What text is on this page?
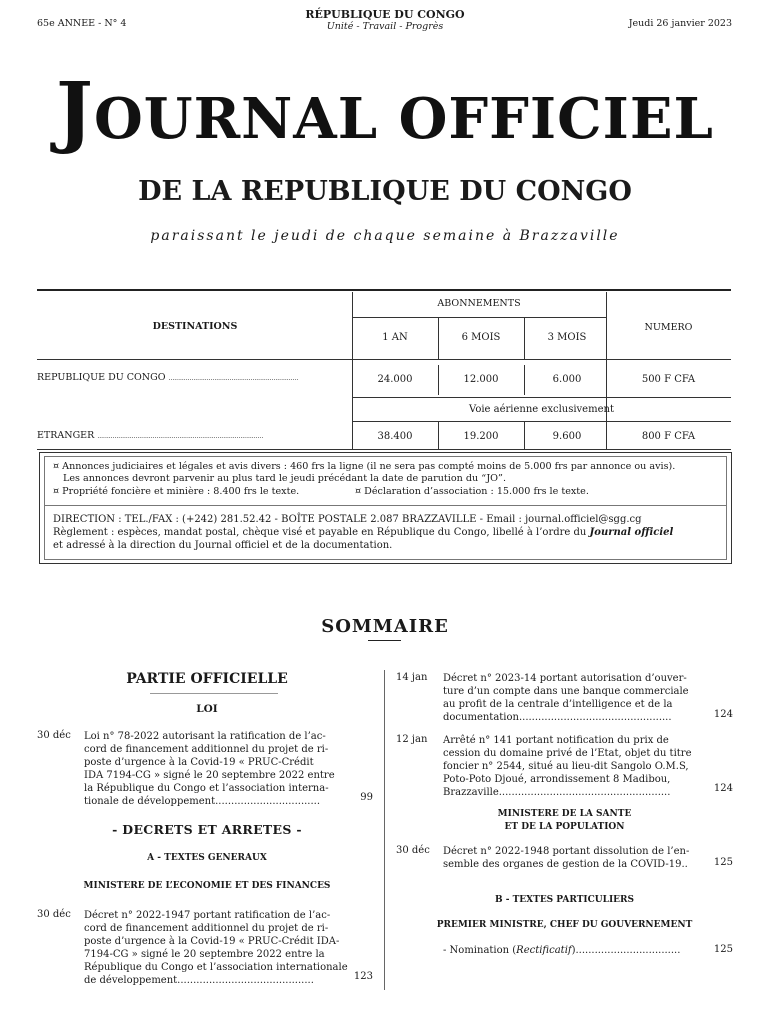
65e ANNEE - N° 4
RÉPUBLIQUE DU CONGO
Unité - Travail - Progrès	Jeudi 26 janvier 2023
JOURNAL OFFICIEL
DE LA REPUBLIQUE DU CONGO
paraissant le jeudi de chaque semaine à Brazzaville
DESTINATIONS
ABONNEMENTS
NUMERO
1 AN	6 MOIS	3 MOIS
REPUBLIQUE DU CONGO ....................................................................	24.000	12.000	6.000	500 F CFA
Voie aérienne exclusivement
ETRANGER .......................................................................................	38.400	19.200	9.600	800 F CFA
¤ Annonces judiciaires et légales et avis divers : 460 frs la ligne (il ne sera pas compté moins de 5.000 frs par annonce ou avis).
Les annonces devront parvenir au plus tard le jeudi précédant la date de parution du “JO”.
¤ Propriété foncière et minière : 8.400 frs le texte.	¤ Déclaration d’association : 15.000 frs le texte.
DIRECTION : TEL./FAX : (+242) 281.52.42 - BOÎTE POSTALE 2.087 BRAZZAVILLE - Email : journal.officiel@sgg.cg
Règlement : espèces, mandat postal, chèque visé et payable en République du Congo, libellé à l’ordre du Journal officiel
et adressé à la direction du Journal officiel et de la documentation.
SOMMAIRE
PARTIE OFFICIELLE
LOI
30 déc Loi n° 78-2022 autorisant la ratification de l’ac-
cord de financement additionnel du projet de ri-
poste d’urgence à la Covid-19 « PRUC-Crédit
IDA 7194-CG » signé le 20 septembre 2022 entre
la République du Congo et l’association interna-
tionale de développement.................................	99
- DECRETS ET ARRETES -
A - TEXTES GENERAUX
MINISTERE DE L’ECONOMIE ET DES FINANCES
30 déc Décret n° 2022-1947 portant ratification de l’ac-
cord de financement additionnel du projet de ri-
poste d’urgence à la Covid-19 « PRUC-Crédit IDA-
7194-CG » signé le 20 septembre 2022 entre la
République du Congo et l’association internationale
de développement...........................................	123
14 jan Décret n° 2023-14 portant autorisation d’ouver-
ture d’un compte dans une banque commerciale
au profit de la centrale d’intelligence et de la
documentation................................................	124
12 jan Arrêté n° 141 portant notification du prix de
cession du domaine privé de l’Etat, objet du titre
foncier n° 2544, situé au lieu-dit Sangolo O.M.S,
Poto-Poto Djoué, arrondissement 8 Madibou,
Brazzaville......................................................	124
MINISTERE DE LA SANTE
ET DE LA POPULATION
30 déc Décret n° 2022-1948 portant dissolution de l’en-
semble des organes de gestion de la COVID-19..	125
B - TEXTES PARTICULIERS
PREMIER MINISTRE, CHEF DU GOUVERNEMENT
- Nomination (Rectificatif).................................	125
